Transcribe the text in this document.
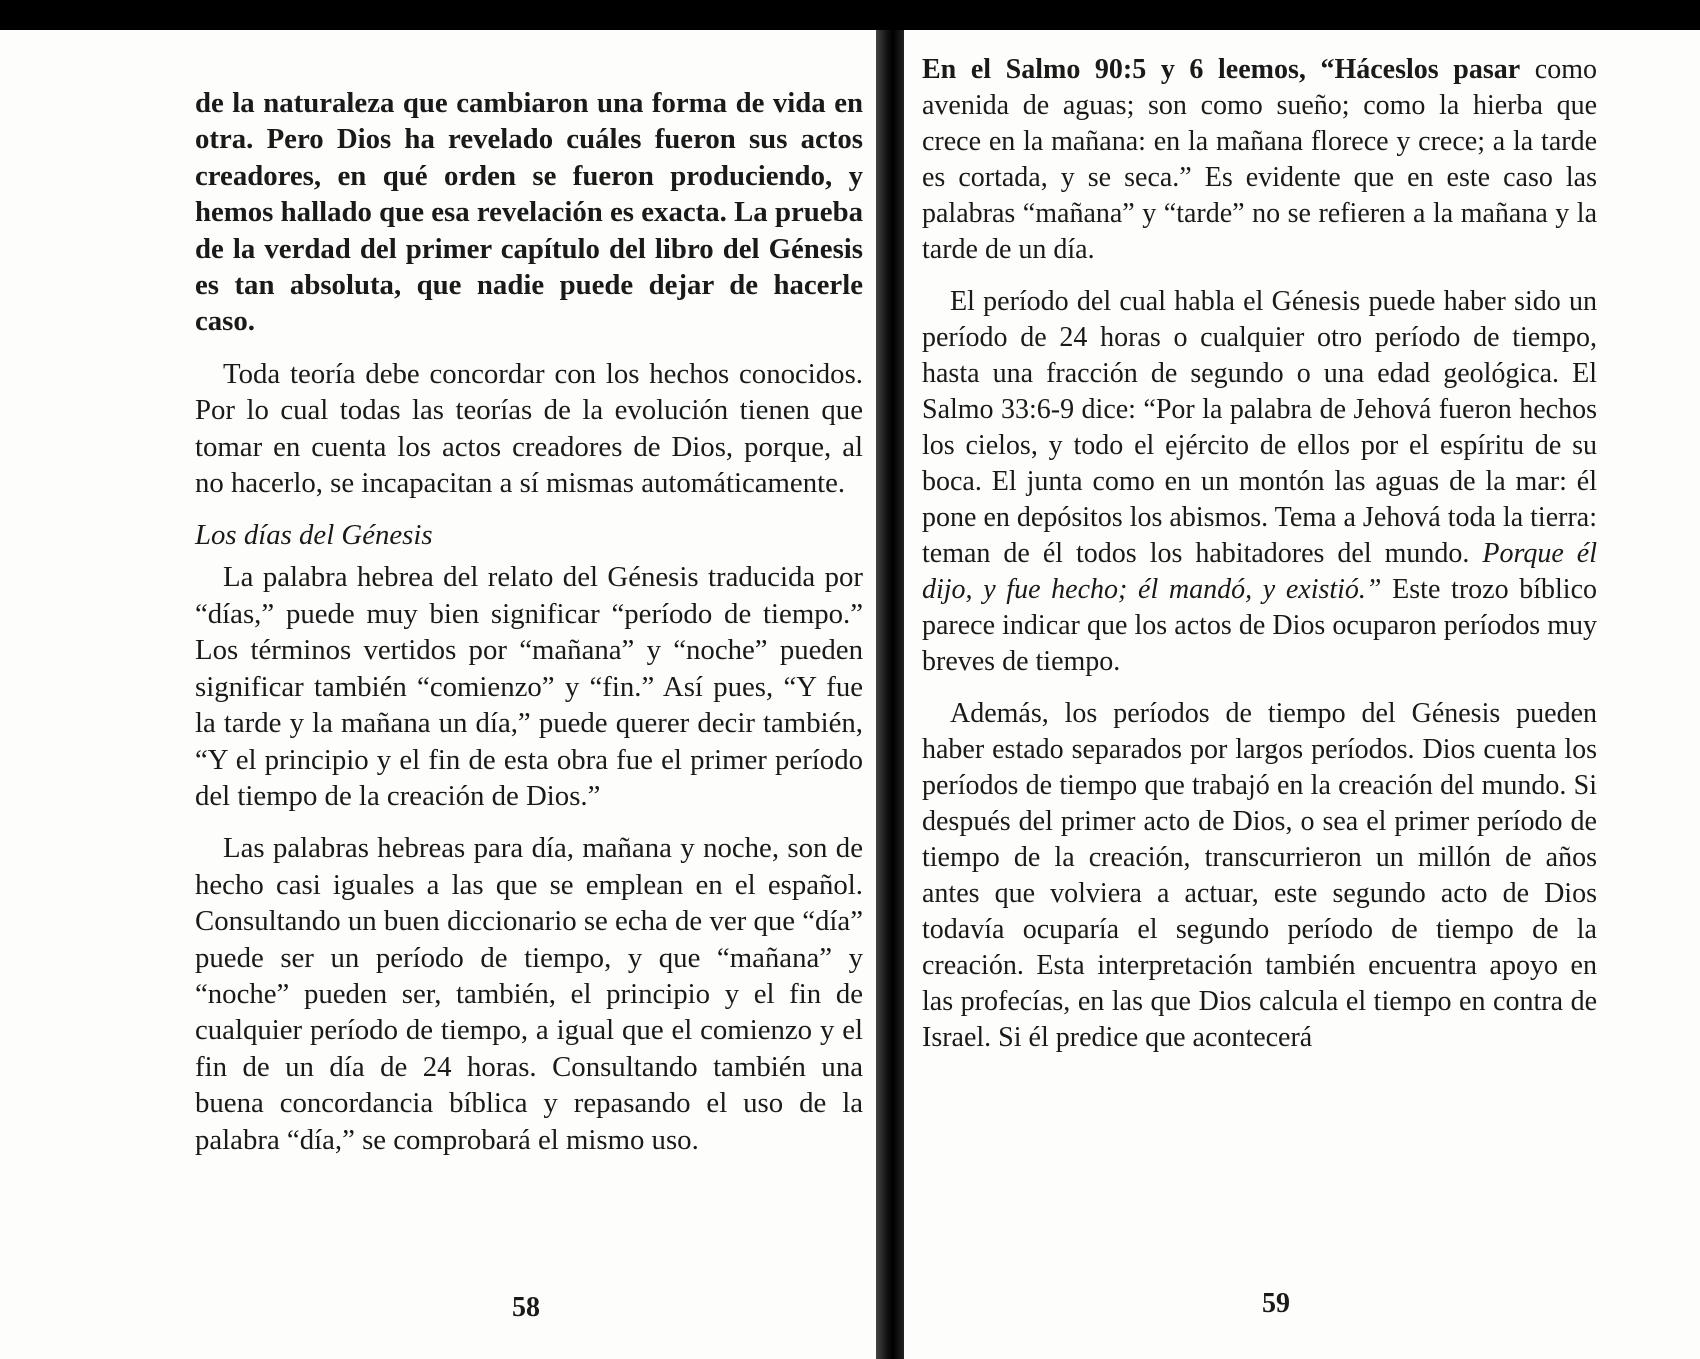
de la naturaleza que cambiaron una forma de vida en otra. Pero Dios ha revelado cuáles fueron sus actos creadores, en qué orden se fueron produciendo, y hemos hallado que esa revelación es exacta. La prueba de la verdad del primer capítulo del libro del Génesis es tan absoluta, que nadie puede dejar de hacerle caso.

Toda teoría debe concordar con los hechos conocidos. Por lo cual todas las teorías de la evolución tienen que tomar en cuenta los actos creadores de Dios, porque, al no hacerlo, se incapacitan a sí mismas automáticamente.

Los días del Génesis

La palabra hebrea del relato del Génesis traducida por “días,” puede muy bien significar “período de tiempo.” Los términos vertidos por “mañana” y “noche” pueden significar también “comienzo” y “fin.” Así pues, “Y fue la tarde y la mañana un día,” puede querer decir también, “Y el principio y el fin de esta obra fue el primer período del tiempo de la creación de Dios.”

Las palabras hebreas para día, mañana y noche, son de hecho casi iguales a las que se emplean en el español. Consultando un buen diccionario se echa de ver que “día” puede ser un período de tiempo, y que “mañana” y “noche” pueden ser, también, el principio y el fin de cualquier período de tiempo, a igual que el comienzo y el fin de un día de 24 horas. Consultando también una buena concordancia bíblica y repasando el uso de la palabra “día,” se comprobará el mismo uso.

58

En el Salmo 90:5 y 6 leemos, “Háceslos pasar como avenida de aguas; son como sueño; como la hierba que crece en la mañana: en la mañana florece y crece; a la tarde es cortada, y se seca.” Es evidente que en este caso las palabras “mañana” y “tarde” no se refieren a la mañana y la tarde de un día.

El período del cual habla el Génesis puede haber sido un período de 24 horas o cualquier otro período de tiempo, hasta una fracción de segundo o una edad geológica. El Salmo 33:6-9 dice: “Por la palabra de Jehová fueron hechos los cielos, y todo el ejército de ellos por el espíritu de su boca. El junta como en un montón las aguas de la mar: él pone en depósitos los abismos. Tema a Jehová toda la tierra: teman de él todos los habitadores del mundo. Porque él dijo, y fue hecho; él mandó, y existió.” Este trozo bíblico parece indicar que los actos de Dios ocuparon períodos muy breves de tiempo.

Además, los períodos de tiempo del Génesis pueden haber estado separados por largos períodos. Dios cuenta los períodos de tiempo que trabajó en la creación del mundo. Si después del primer acto de Dios, o sea el primer período de tiempo de la creación, transcurrieron un millón de años antes que volviera a actuar, este segundo acto de Dios todavía ocuparía el segundo período de tiempo de la creación. Esta interpretación también encuentra apoyo en las profecías, en las que Dios calcula el tiempo en contra de Israel. Si él predice que acontecerá

59
